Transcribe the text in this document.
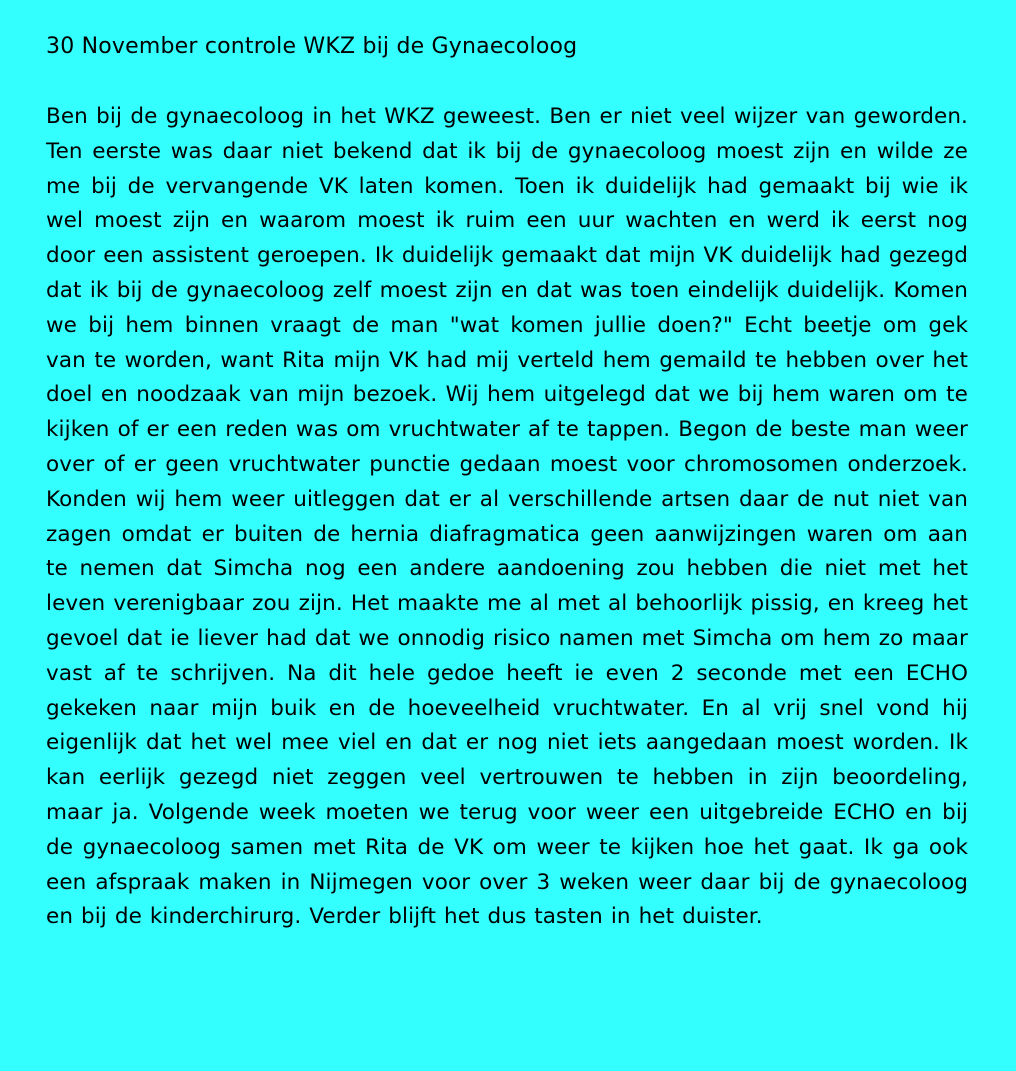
30 November controle WKZ bij de Gynaecoloog

Ben bij de gynaecoloog in het WKZ geweest. Ben er niet veel wijzer van geworden. Ten eerste was daar niet bekend dat ik bij de gynaecoloog moest zijn en wilde ze me bij de vervangende VK laten komen. Toen ik duidelijk had gemaakt bij wie ik wel moest zijn en waarom moest ik ruim een uur wachten en werd ik eerst nog door een assistent geroepen. Ik duidelijk gemaakt dat mijn VK duidelijk had gezegd dat ik bij de gynaecoloog zelf moest zijn en dat was toen eindelijk duidelijk. Komen we bij hem binnen vraagt de man "wat komen jullie doen?" Echt beetje om gek van te worden, want Rita mijn VK had mij verteld hem gemaild te hebben over het doel en noodzaak van mijn bezoek. Wij hem uitgelegd dat we bij hem waren om te kijken of er een reden was om vruchtwater af te tappen. Begon de beste man weer over of er geen vruchtwater punctie gedaan moest voor chromosomen onderzoek. Konden wij hem weer uitleggen dat er al verschillende artsen daar de nut niet van zagen omdat er buiten de hernia diafragmatica geen aanwijzingen waren om aan te nemen dat Simcha nog een andere aandoening zou hebben die niet met het leven verenigbaar zou zijn. Het maakte me al met al behoorlijk pissig, en kreeg het gevoel dat ie liever had dat we onnodig risico namen met Simcha om hem zo maar vast af te schrijven. Na dit hele gedoe heeft ie even 2 seconde met een ECHO gekeken naar mijn buik en de hoeveelheid vruchtwater. En al vrij snel vond hij eigenlijk dat het wel mee viel en dat er nog niet iets aangedaan moest worden. Ik kan eerlijk gezegd niet zeggen veel vertrouwen te hebben in zijn beoordeling, maar ja. Volgende week moeten we terug voor weer een uitgebreide ECHO en bij de gynaecoloog samen met Rita de VK om weer te kijken hoe het gaat. Ik ga ook een afspraak maken in Nijmegen voor over 3 weken weer daar bij de gynaecoloog en bij de kinderchirurg. Verder blijft het dus tasten in het duister.
